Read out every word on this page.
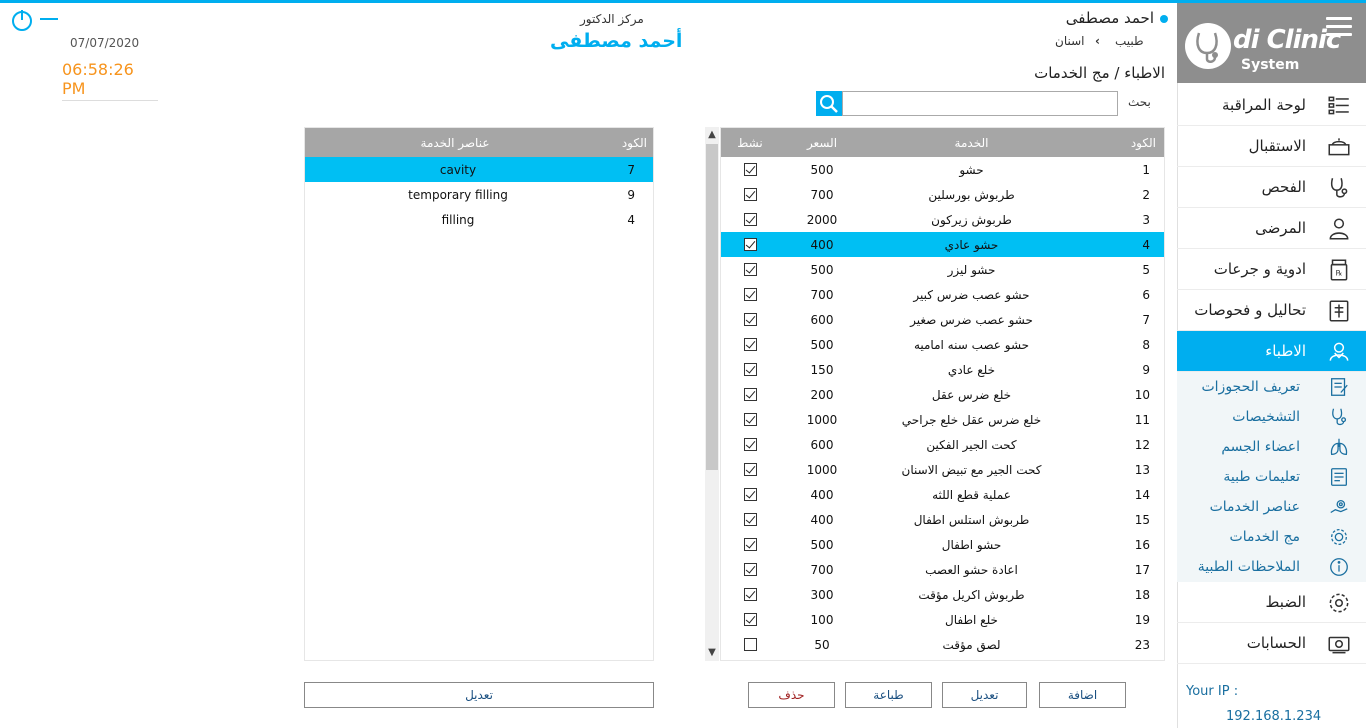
07/07/2020
06:58:26 PM
مركز الدكتور
أحمد مصطفى
احمد مصطفى
طبيب
‹
اسنان
الاطباء / مج الخدمات
بحث
▲
▼
نشط	السعر	الخدمة	الكود
500	حشو	1
700	طربوش بورسلين	2
2000	طربوش زيركون	3
400	حشو عادي	4
500	حشو ليزر	5
700	حشو عصب ضرس كبير	6
600	حشو عصب ضرس صغير	7
500	حشو عصب سنه اماميه	8
150	خلع عادي	9
200	خلع ضرس عقل	10
1000	خلع ضرس عقل خلع جراحي	11
600	كحت الجير الفكين	12
1000	كحت الجير مع تبيض الاسنان	13
400	عملية قطع اللثه	14
400	طربوش استلس اطفال	15
500	حشو اطفال	16
700	اعادة حشو العصب	17
300	طربوش اكريل مؤقت	18
100	خلع اطفال	19
50	لصق مؤقت	23
عناصر الخدمة	الكود
cavity	7
temporary filling	9
filling	4
اضافة
تعديل
طباعة
حذف
تعديل
di Clinic
System
لوحة المراقبة
الاستقبال
الفحص
المرضى
ادوية و جرعات	℞
تحاليل و فحوصات
الاطباء
تعريف الحجوزات
التشخيصات
اعضاء الجسم
تعليمات طبية
عناصر الخدمات
مج الخدمات
الملاحظات الطبية
الضبط
الحسابات
Your IP :
192.168.1.234
